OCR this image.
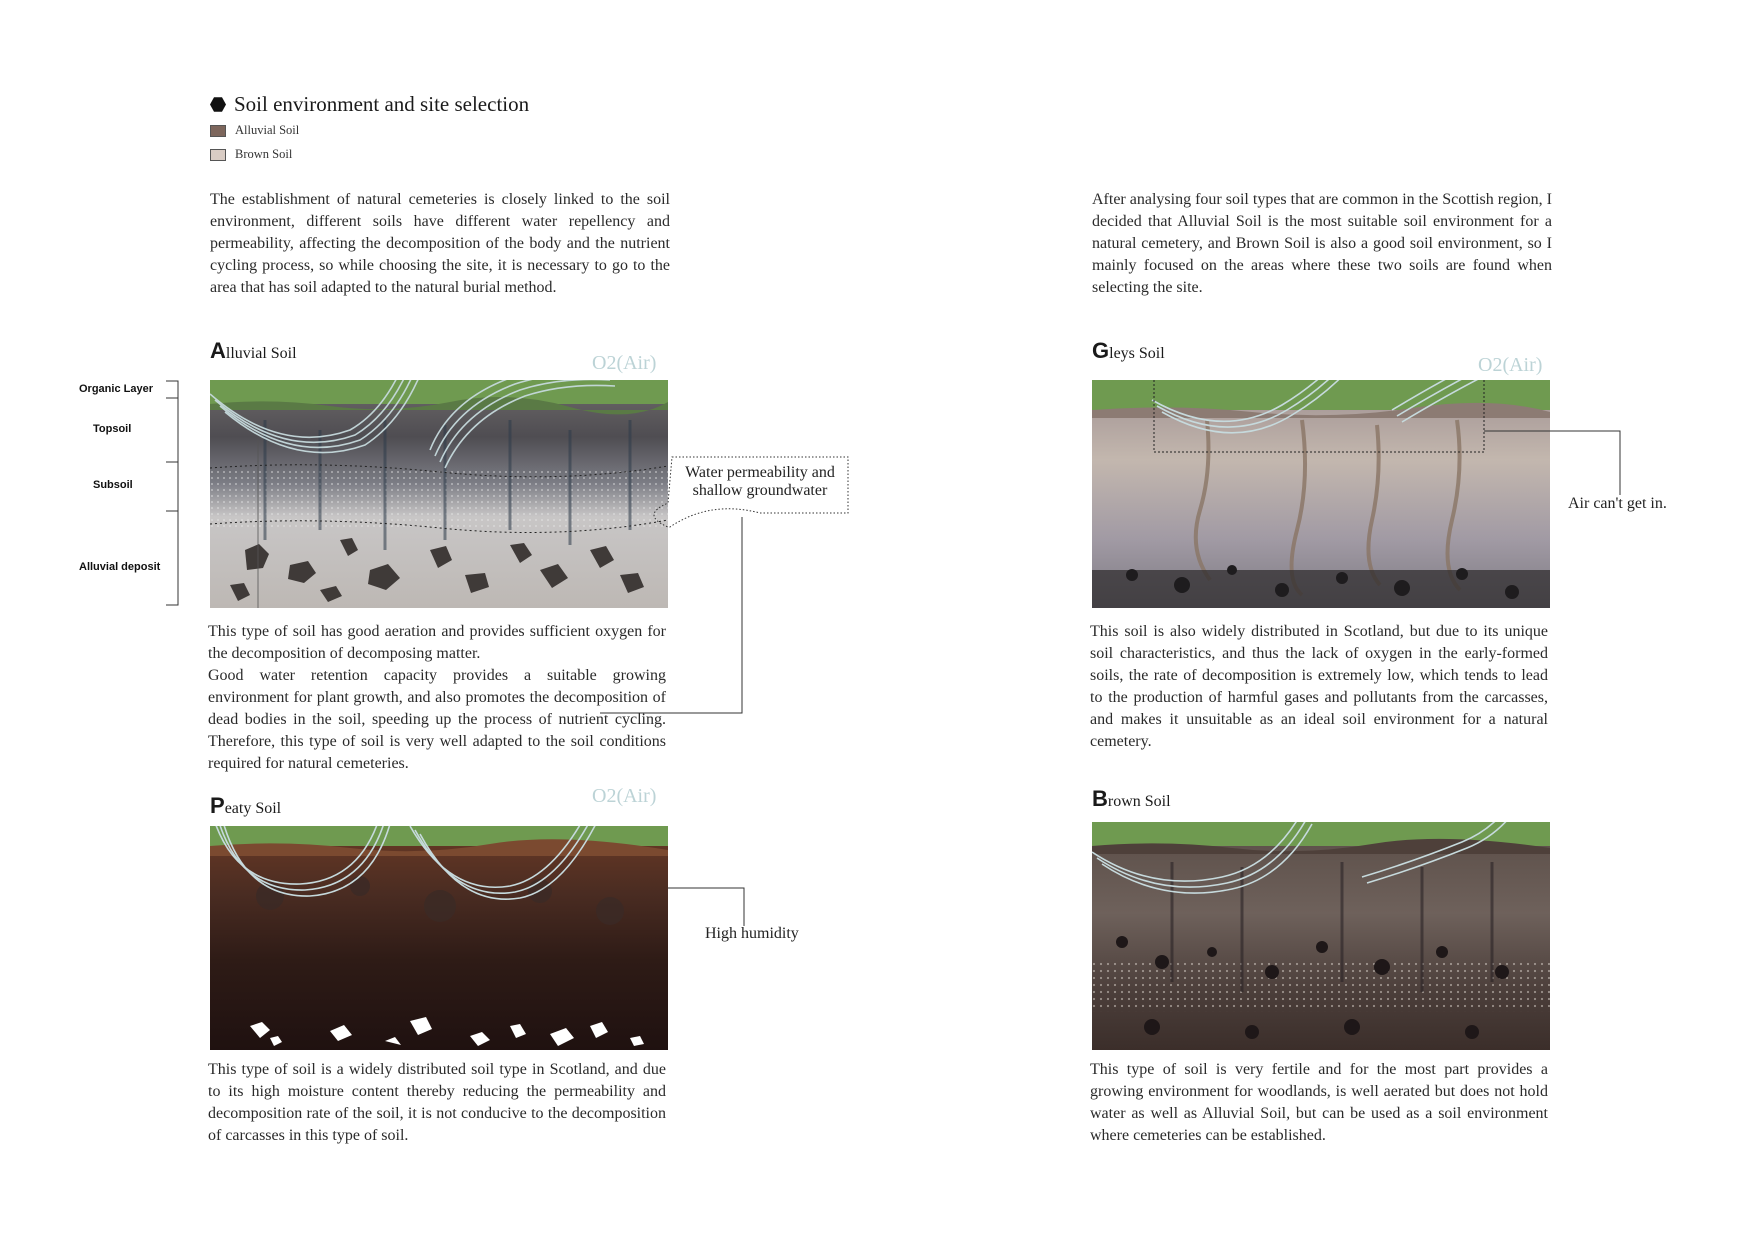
Soil environment and site selection
Alluvial Soil
Brown Soil
The establishment of natural cemeteries is closely linked to the soil environment, different soils have different water repellency and permeability, affecting the decomposition of the body and the nutrient cycling process, so while choosing the site, it is necessary to go to the area that has soil adapted to the natural burial method.
After analysing four soil types that are common in the Scottish region, I decided that Alluvial Soil is the most suitable soil environment for a natural cemetery, and Brown Soil is also a good soil environment, so I mainly focused on the areas where these two soils are found when selecting the site.
Alluvial Soil
Organic Layer
Topsoil
Subsoil
Alluvial deposit
O2(Air)
Water permeability and
shallow groundwater
This type of soil has good aeration and provides sufficient oxygen for the decomposition of decomposing matter.
Good water retention capacity provides a suitable growing environment for plant growth, and also promotes the decomposition of dead bodies in the soil, speeding up the process of nutrient cycling. Therefore, this type of soil is very well adapted to the soil conditions required for natural cemeteries.
Gleys Soil
O2(Air)
Air can't get in.
This soil is also widely distributed in Scotland, but due to its unique soil characteristics, and thus the lack of oxygen in the early-formed soils, the rate of decomposition is extremely low, which tends to lead to the production of harmful gases and pollutants from the carcasses, and makes it unsuitable as an ideal soil environment for a natural cemetery.
Peaty Soil
O2(Air)
High humidity
This type of soil is a widely distributed soil type in Scotland, and due to its high moisture content thereby reducing the permeability and decomposition rate of the soil, it is not conducive to the decomposition of carcasses in this type of soil.
Brown Soil
This type of soil is very fertile and for the most part provides a growing environment for woodlands, is well aerated but does not hold water as well as Alluvial Soil, but can be used as a soil environment where cemeteries can be established.
